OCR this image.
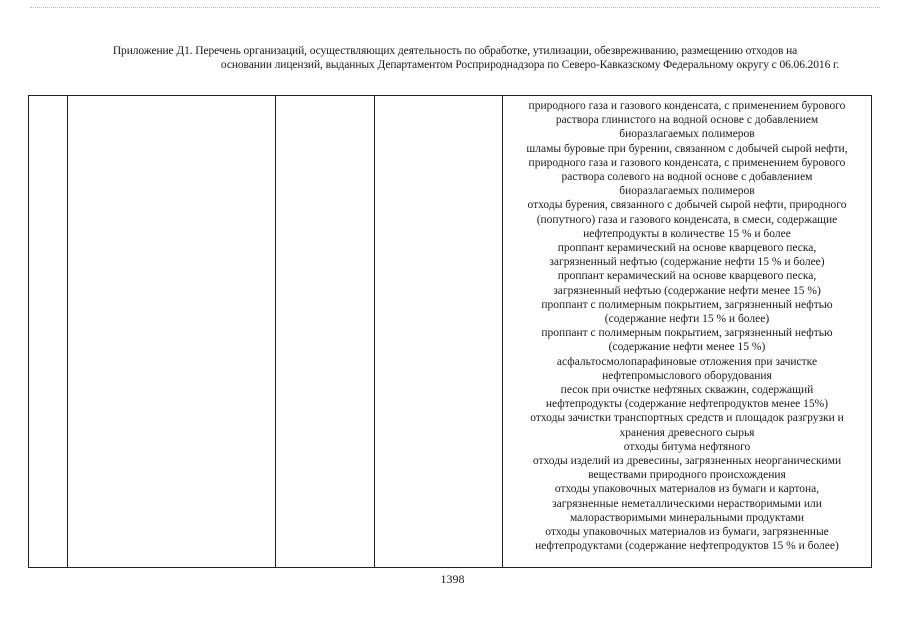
Приложение Д1. Перечень организаций, осуществляющих деятельность по обработке, утилизации, обезвреживанию, размещению отходов на
основании лицензий, выданных Департаментом Росприроднадзора по Северо-Кавказскому Федеральному округу с 06.06.2016 г.

природного газа и газового конденсата, с применением бурового
раствора глинистого на водной основе с добавлением
биоразлагаемых полимеров
шламы буровые при бурении, связанном с добычей сырой нефти,
природного газа и газового конденсата, с применением бурового
раствора солевого на водной основе с добавлением
биоразлагаемых полимеров
отходы бурения, связанного с добычей сырой нефти, природного
(попутного) газа и газового конденсата, в смеси, содержащие
нефтепродукты в количестве 15 % и более
проппант керамический на основе кварцевого песка,
загрязненный нефтью (содержание нефти 15 % и более)
проппант керамический на основе кварцевого песка,
загрязненный нефтью (содержание нефти менее 15 %)
проппант с полимерным покрытием, загрязненный нефтью
(содержание нефти 15 % и более)
проппант с полимерным покрытием, загрязненный нефтью
(содержание нефти менее 15 %)
асфальтосмолопарафиновые отложения при зачистке
нефтепромыслового оборудования
песок при очистке нефтяных скважин, содержащий
нефтепродукты (содержание нефтепродуктов менее 15%)
отходы зачистки транспортных средств и площадок разгрузки и
хранения древесного сырья
отходы битума нефтяного
отходы изделий из древесины, загрязненных неорганическими
веществами природного происхождения
отходы упаковочных материалов из бумаги и картона,
загрязненные неметаллическими нерастворимыми или
малорастворимыми минеральными продуктами
отходы упаковочных материалов из бумаги, загрязненные
нефтепродуктами (содержание нефтепродуктов 15 % и более)
1398
